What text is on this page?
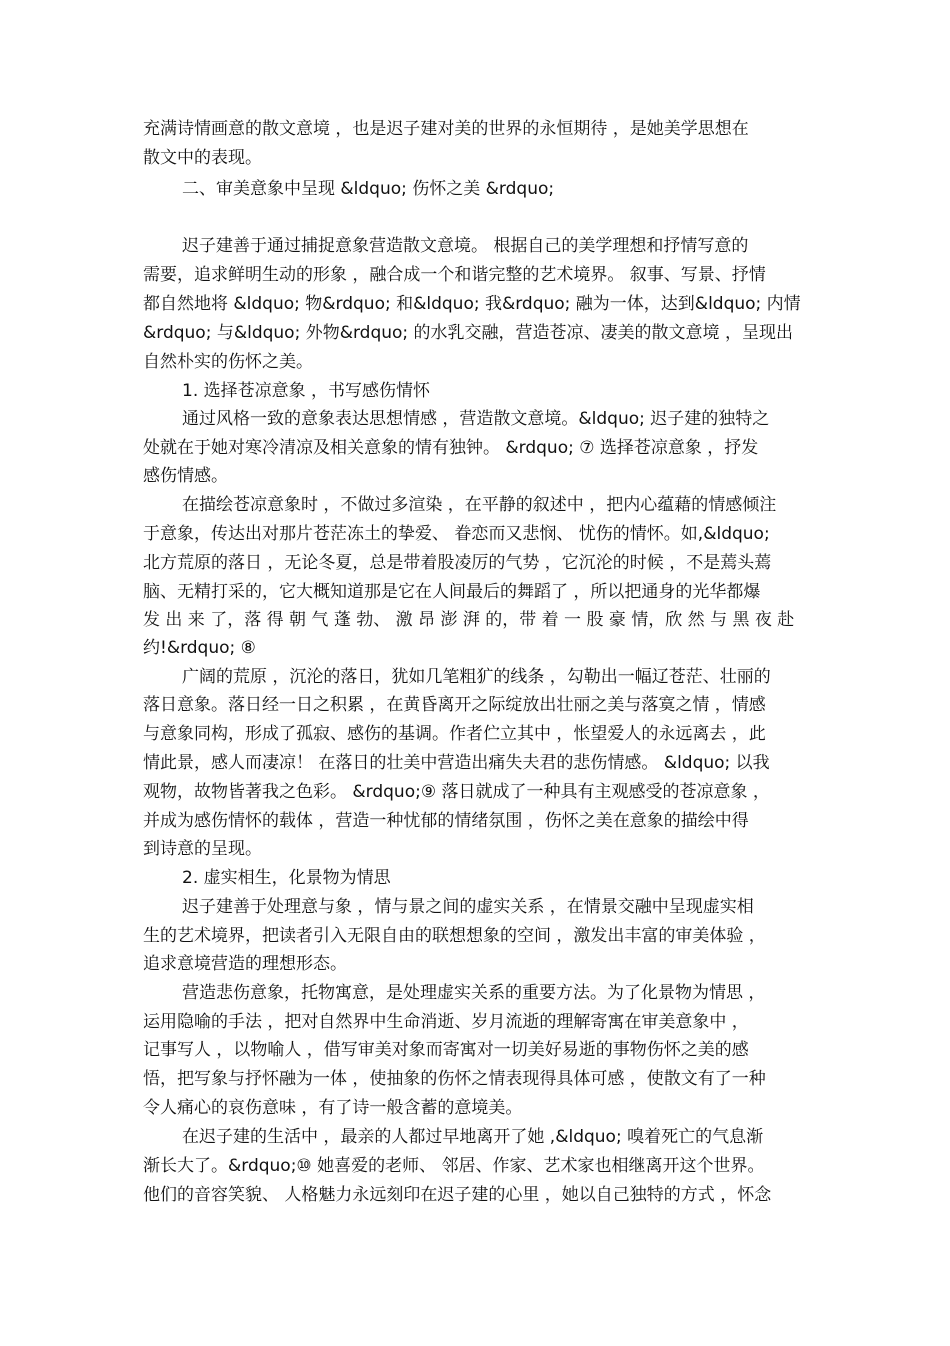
充满诗情画意的散文意境 ，也是迟子建对美的世界的永恒期待 ，是她美学思想在
散文中的表现。
二、审美意象中呈现 &ldquo; 伤怀之美 &rdquo;
迟子建善于通过捕捉意象营造散文意境。 根据自己的美学理想和抒情写意的
需要，追求鲜明生动的形象 ，融合成一个和谐完整的艺术境界。 叙事、写景、抒情
都自然地将 &ldquo; 物&rdquo; 和&ldquo; 我&rdquo; 融为一体，达到&ldquo; 内情
&rdquo; 与&ldquo; 外物&rdquo; 的水乳交融，营造苍凉、凄美的散文意境 ，呈现出
自然朴实的伤怀之美。
1. 选择苍凉意象 ，书写感伤情怀
通过风格一致的意象表达思想情感 ，营造散文意境。&ldquo; 迟子建的独特之
处就在于她对寒冷清凉及相关意象的情有独钟。 &rdquo; ⑦ 选择苍凉意象 ，抒发
感伤情感。
在描绘苍凉意象时 ，不做过多渲染 ，在平静的叙述中 ，把内心蕴藉的情感倾注
于意象，传达出对那片苍茫冻土的挚爱、 眷恋而又悲悯、 忧伤的情怀。如,&ldquo;
北方荒原的落日 ，无论冬夏，总是带着股凌厉的气势 ，它沉沦的时候 ，不是蔫头蔫
脑、无精打采的，它大概知道那是它在人间最后的舞蹈了 ，所以把通身的光华都爆
发 出 来 了，落 得 朝 气 蓬 勃、 激 昂 澎 湃 的，带 着 一 股 豪 情，欣 然 与 黑 夜 赴
约!&rdquo; ⑧
广阔的荒原 ，沉沦的落日，犹如几笔粗犷的线条 ，勾勒出一幅辽苍茫、壮丽的
落日意象。落日经一日之积累 ，在黄昏离开之际绽放出壮丽之美与落寞之情 ，情感
与意象同构，形成了孤寂、感伤的基调。作者伫立其中 ，怅望爱人的永远离去 ，此
情此景，感人而凄凉！ 在落日的壮美中营造出痛失夫君的悲伤情感。 &ldquo; 以我
观物，故物皆著我之色彩。 &rdquo;⑨ 落日就成了一种具有主观感受的苍凉意象 ，
并成为感伤情怀的载体 ，营造一种忧郁的情绪氛围 ，伤怀之美在意象的描绘中得
到诗意的呈现。
2. 虚实相生，化景物为情思
迟子建善于处理意与象 ，情与景之间的虚实关系 ，在情景交融中呈现虚实相
生的艺术境界，把读者引入无限自由的联想想象的空间 ，激发出丰富的审美体验 ，
追求意境营造的理想形态。
营造悲伤意象，托物寓意，是处理虚实关系的重要方法。为了化景物为情思 ，
运用隐喻的手法 ，把对自然界中生命消逝、岁月流逝的理解寄寓在审美意象中 ，
记事写人 ，以物喻人 ，借写审美对象而寄寓对一切美好易逝的事物伤怀之美的感
悟，把写象与抒怀融为一体 ，使抽象的伤怀之情表现得具体可感 ，使散文有了一种
令人痛心的哀伤意味 ，有了诗一般含蓄的意境美。
在迟子建的生活中 ，最亲的人都过早地离开了她 ,&ldquo; 嗅着死亡的气息渐
渐长大了。&rdquo;⑩ 她喜爱的老师、 邻居、作家、艺术家也相继离开这个世界。
他们的音容笑貌、 人格魅力永远刻印在迟子建的心里 ，她以自己独特的方式 ，怀念
